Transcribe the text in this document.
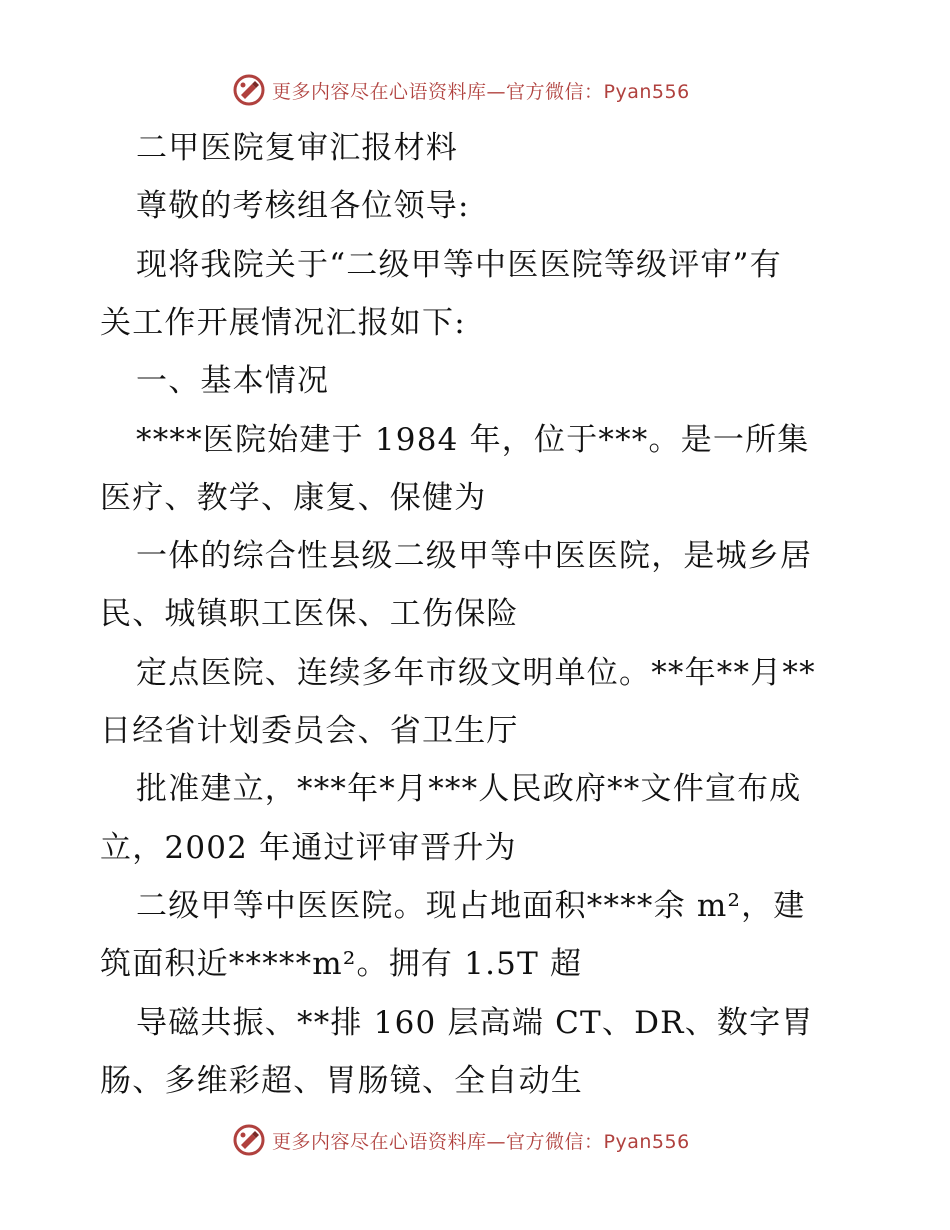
更多内容尽在心语资料库—官方微信：Pyan556
二甲医院复审汇报材料
尊敬的考核组各位领导:
现将我院关于“二级甲等中医医院等级评审”有
关工作开展情况汇报如下:
一、基本情况
****医院始建于 1984 年，位于***。是一所集
医疗、教学、康复、保健为
一体的综合性县级二级甲等中医医院，是城乡居
民、城镇职工医保、工伤保险
定点医院、连续多年市级文明单位。**年**月**
日经省计划委员会、省卫生厅
批准建立，***年*月***人民政府**文件宣布成
立，2002 年通过评审晋升为
二级甲等中医医院。现占地面积****余 m²，建
筑面积近*****m²。拥有 1.5T 超
导磁共振、**排 160 层高端 CT、DR、数字胃
肠、多维彩超、胃肠镜、全自动生
更多内容尽在心语资料库—官方微信：Pyan556
